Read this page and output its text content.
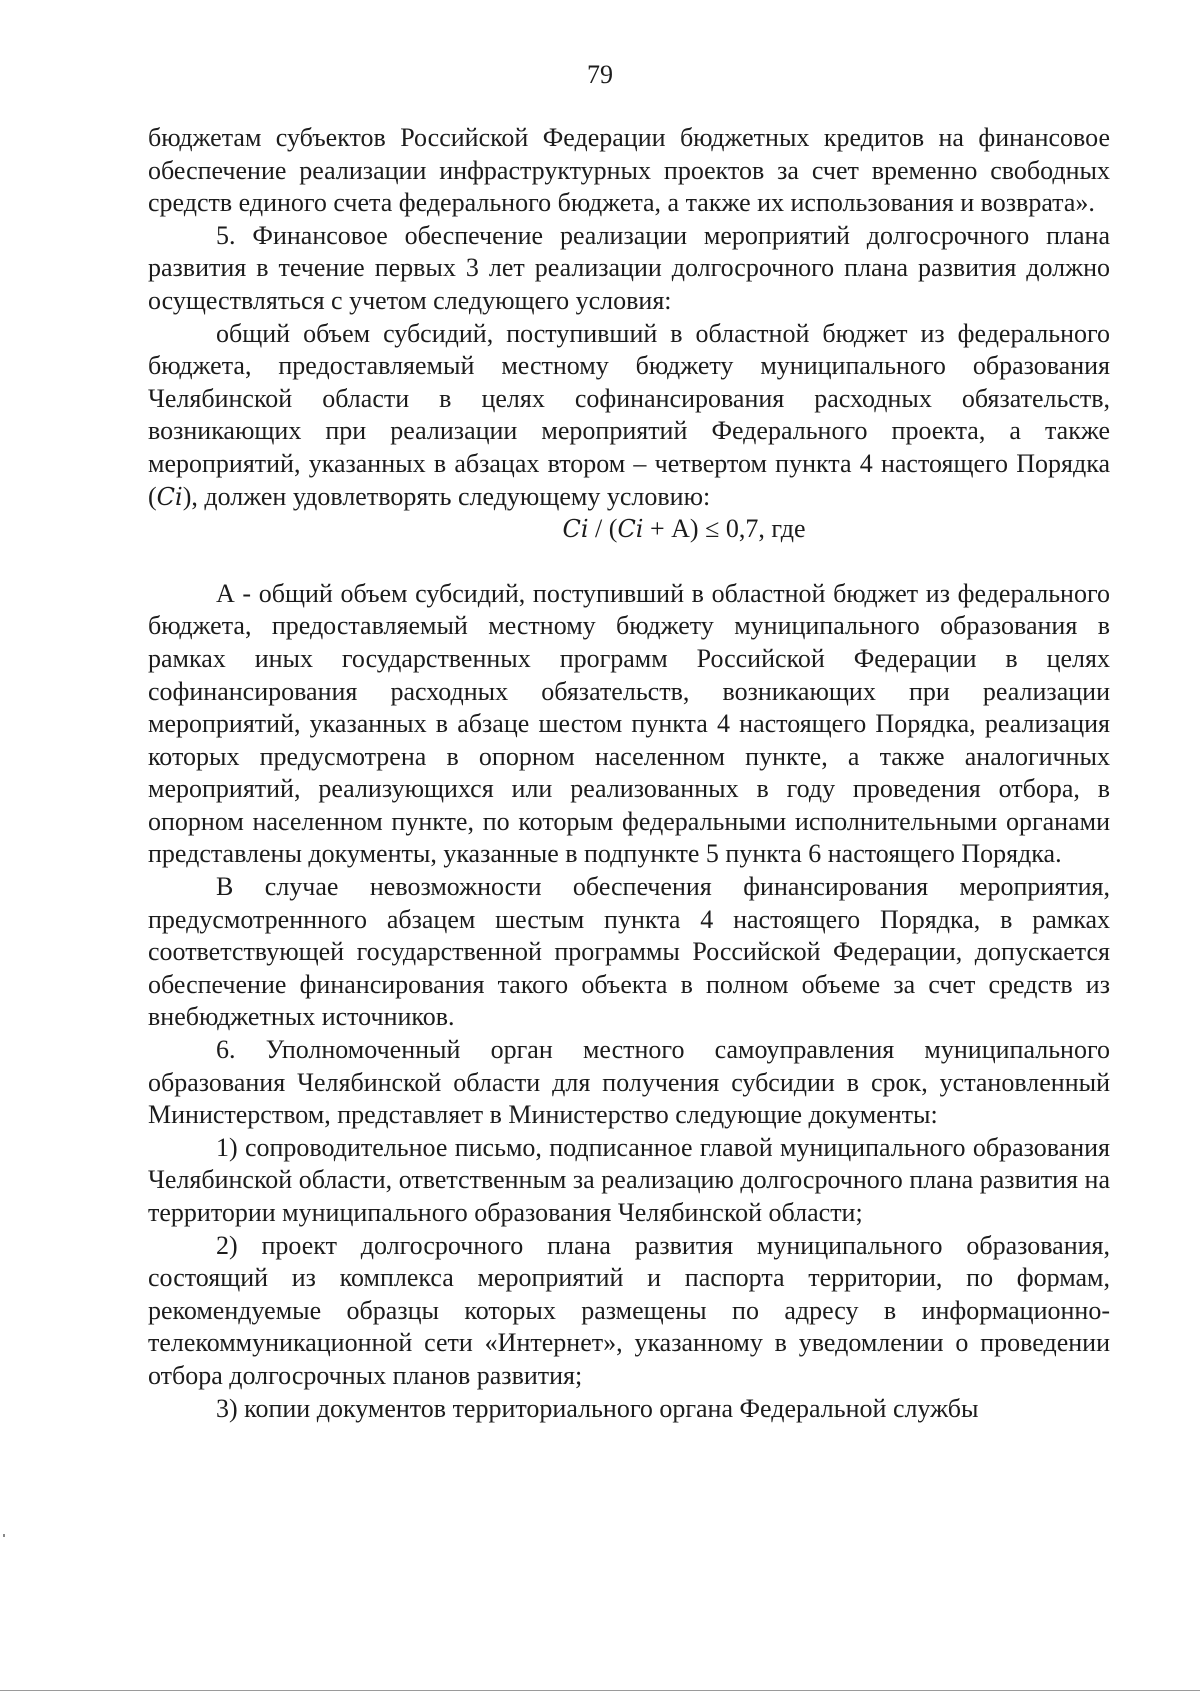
79

бюджетам субъектов Российской Федерации бюджетных кредитов на финансовое обеспечение реализации инфраструктурных проектов за счет временно свободных средств единого счета федерального бюджета, а также их использования и возврата».

5. Финансовое обеспечение реализации мероприятий долгосрочного плана развития в течение первых 3 лет реализации долгосрочного плана развития должно осуществляться с учетом следующего условия:

общий объем субсидий, поступивший в областной бюджет из федерального бюджета, предоставляемый местному бюджету муниципального образования Челябинской области в целях софинансирования расходных обязательств, возникающих при реализации мероприятий Федерального проекта, а также мероприятий, указанных в абзацах втором – четвертом пункта 4 настоящего Порядка (Ci), должен удовлетворять следующему условию:

Ci / (Ci + А) ≤ 0,7, где

А - общий объем субсидий, поступивший в областной бюджет из федерального бюджета, предоставляемый местному бюджету муниципального образования в рамках иных государственных программ Российской Федерации в целях софинансирования расходных обязательств, возникающих при реализации мероприятий, указанных в абзаце шестом пункта 4 настоящего Порядка, реализация которых предусмотрена в опорном населенном пункте, а также аналогичных мероприятий, реализующихся или реализованных в году проведения отбора, в опорном населенном пункте, по которым федеральными исполнительными органами представлены документы, указанные в подпункте 5 пункта 6 настоящего Порядка.

В случае невозможности обеспечения финансирования мероприятия, предусмотреннного абзацем шестым пункта 4 настоящего Порядка, в рамках соответствующей государственной программы Российской Федерации, допускается обеспечение финансирования такого объекта в полном объеме за счет средств из внебюджетных источников.

6. Уполномоченный орган местного самоуправления муниципального образования Челябинской области для получения субсидии в срок, установленный Министерством, представляет в Министерство следующие документы:

1) сопроводительное письмо, подписанное главой муниципального образования Челябинской области, ответственным за реализацию долгосрочного плана развития на территории муниципального образования Челябинской области;

2) проект долгосрочного плана развития муниципального образования, состоящий из комплекса мероприятий и паспорта территории, по формам, рекомендуемые образцы которых размещены по адресу в информационно-телекоммуникационной сети «Интернет», указанному в уведомлении о проведении отбора долгосрочных планов развития;

3) копии документов территориального органа Федеральной службы
